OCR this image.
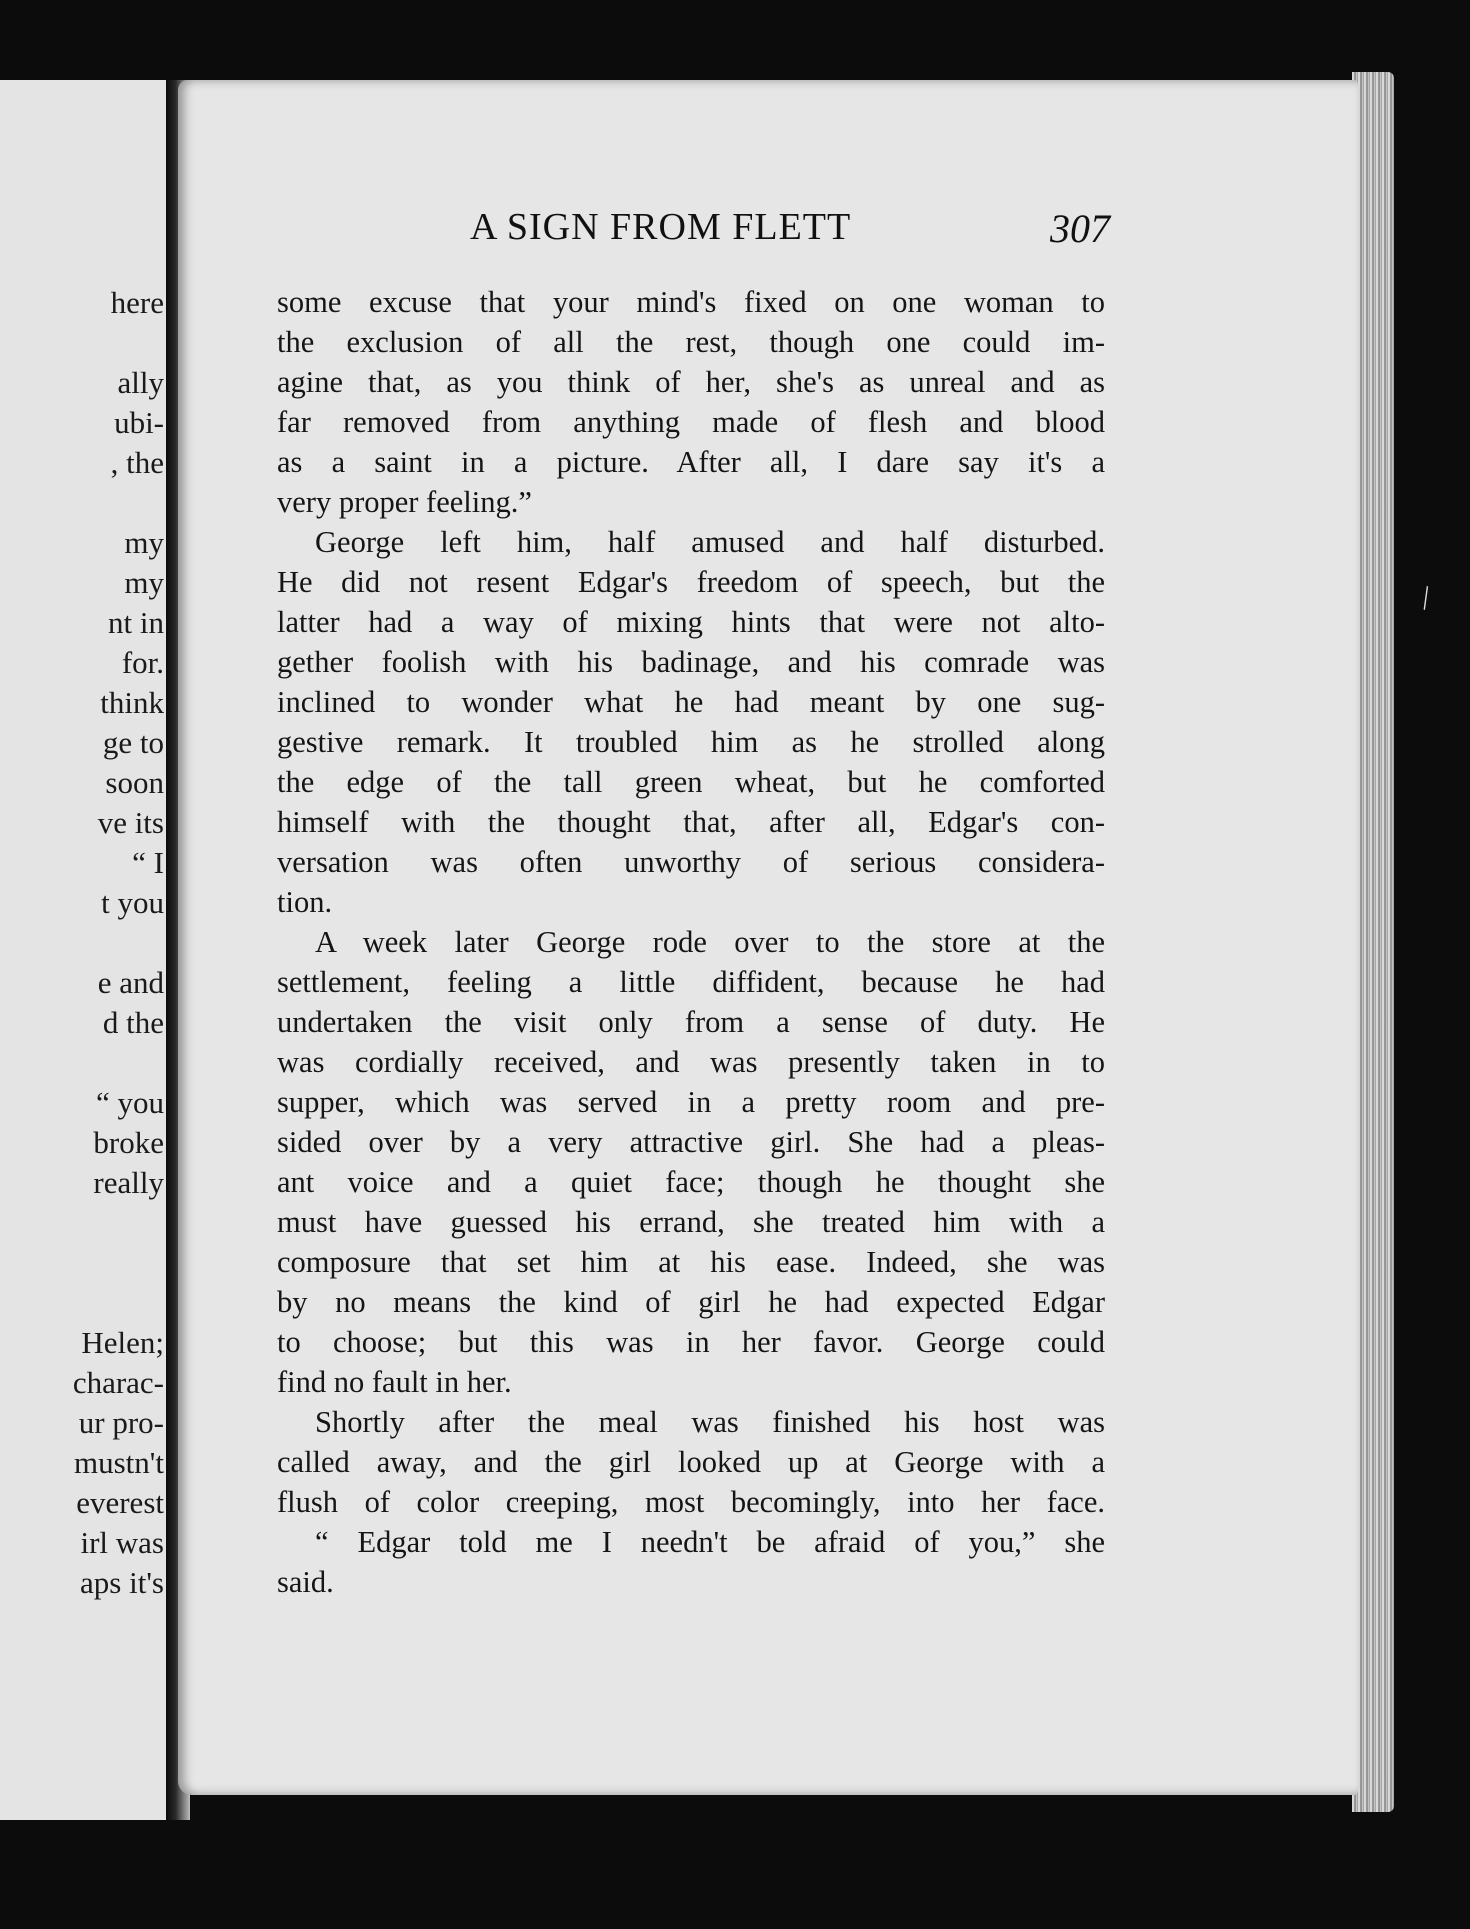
here
ally
ubi-
, the
my
my
nt in
for.
think
ge to
soon
ve its
“ I
t you
e and
d the
“ you
broke
really
Helen;
charac-
ur pro-
mustn't
everest
irl was
aps it's
A SIGN FROM FLETT	307
some excuse that your mind's fixed on one woman to
the exclusion of all the rest, though one could im-
agine that, as you think of her, she's as unreal and as
far removed from anything made of flesh and blood
as a saint in a picture. After all, I dare say it's a
very proper feeling.”
George left him, half amused and half disturbed.
He did not resent Edgar's freedom of speech, but the
latter had a way of mixing hints that were not alto-
gether foolish with his badinage, and his comrade was
inclined to wonder what he had meant by one sug-
gestive remark. It troubled him as he strolled along
the edge of the tall green wheat, but he comforted
himself with the thought that, after all, Edgar's con-
versation was often unworthy of serious considera-
tion.
A week later George rode over to the store at the
settlement, feeling a little diffident, because he had
undertaken the visit only from a sense of duty. He
was cordially received, and was presently taken in to
supper, which was served in a pretty room and pre-
sided over by a very attractive girl. She had a pleas-
ant voice and a quiet face; though he thought she
must have guessed his errand, she treated him with a
composure that set him at his ease. Indeed, she was
by no means the kind of girl he had expected Edgar
to choose; but this was in her favor. George could
find no fault in her.
Shortly after the meal was finished his host was
called away, and the girl looked up at George with a
flush of color creeping, most becomingly, into her face.
“ Edgar told me I needn't be afraid of you,” she
said.
╲
